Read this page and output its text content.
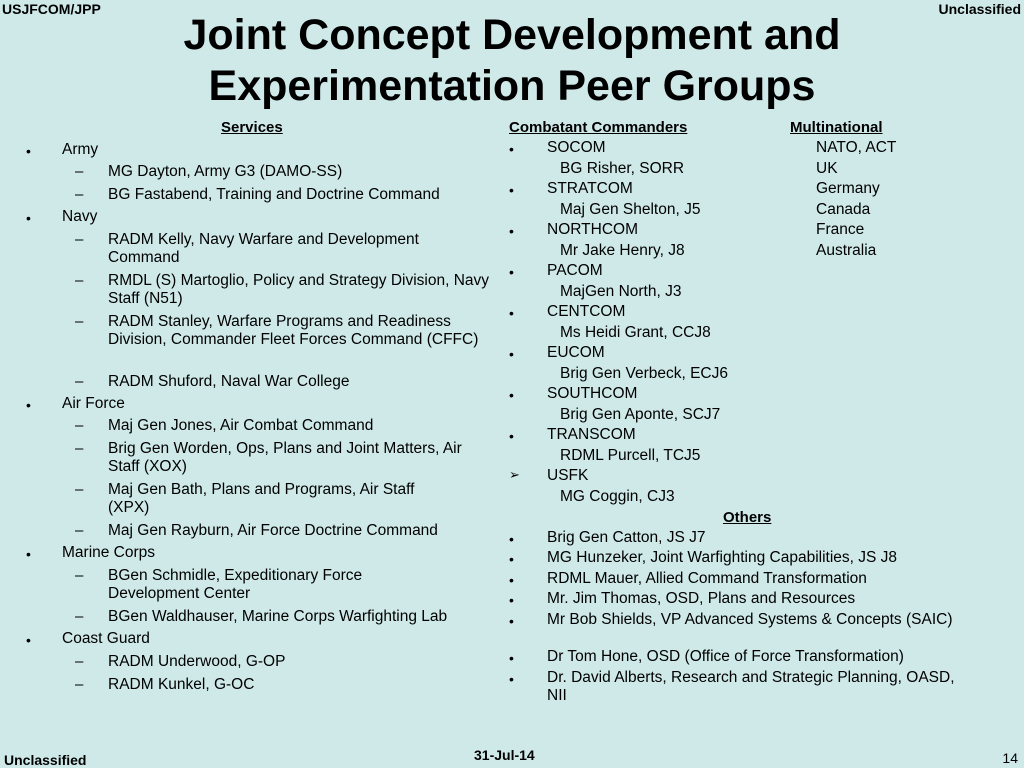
USJFCOM/JPP	Unclassified
Joint Concept Development and
Experimentation Peer Groups
Services
• Army
– MG Dayton, Army G3 (DAMO-SS)
– BG Fastabend, Training and Doctrine Command
• Navy
– RADM Kelly, Navy Warfare and Development Command
– RMDL (S) Martoglio, Policy and Strategy Division, Navy Staff (N51)
– RADM Stanley, Warfare Programs and Readiness Division, Commander Fleet Forces Command (CFFC)
– RADM Shuford, Naval War College
• Air Force
– Maj Gen Jones, Air Combat Command
– Brig Gen Worden, Ops, Plans and Joint Matters, Air Staff (XOX)
– Maj Gen Bath, Plans and Programs, Air Staff (XPX)
– Maj Gen Rayburn, Air Force Doctrine Command
• Marine Corps
– BGen Schmidle, Expeditionary Force Development Center
– BGen Waldhauser, Marine Corps Warfighting Lab
• Coast Guard
– RADM Underwood, G-OP
– RADM Kunkel, G-OC
Combatant Commanders
• SOCOM
BG Risher, SORR
• STRATCOM
Maj Gen Shelton, J5
• NORTHCOM
Mr Jake Henry, J8
• PACOM
MajGen North, J3
• CENTCOM
Ms Heidi Grant, CCJ8
• EUCOM
Brig Gen Verbeck, ECJ6
• SOUTHCOM
Brig Gen Aponte, SCJ7
• TRANSCOM
RDML Purcell, TCJ5
➢ USFK
MG Coggin, CJ3
Multinational
NATO, ACT
UK
Germany
Canada
France
Australia
Others
• Brig Gen Catton, JS J7
• MG Hunzeker, Joint Warfighting Capabilities, JS J8
• RDML Mauer, Allied Command Transformation
• Mr. Jim Thomas, OSD, Plans and Resources
• Mr Bob Shields, VP Advanced Systems & Concepts (SAIC)
• Dr Tom Hone, OSD (Office of Force Transformation)
• Dr. David Alberts, Research and Strategic Planning, OASD, NII
Unclassified	31-Jul-14	14
